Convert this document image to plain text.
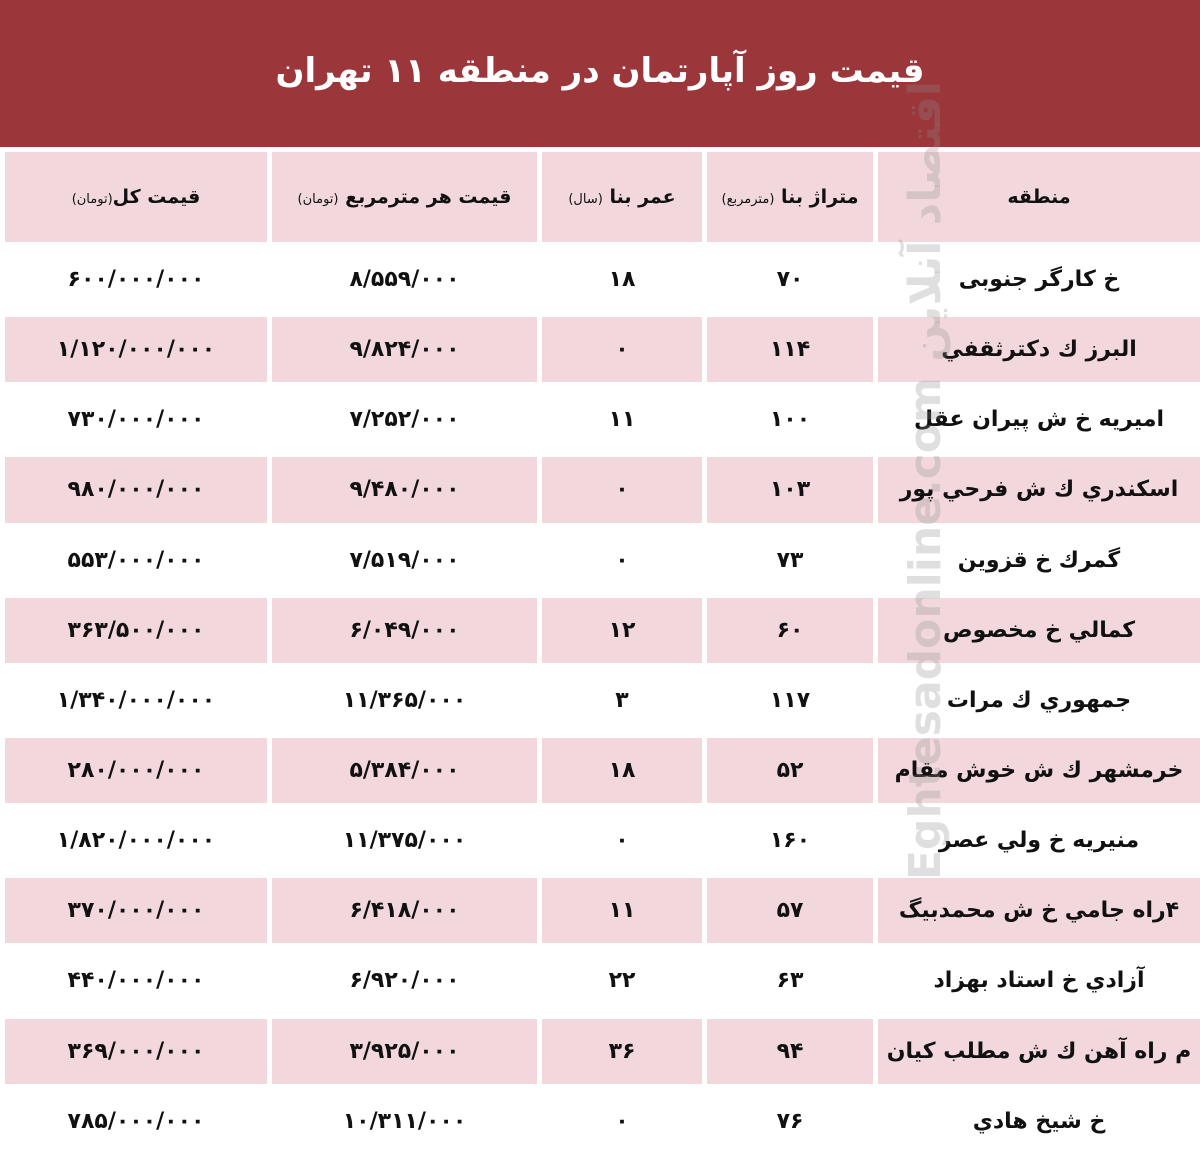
قیمت روز آپارتمان در منطقه ۱۱ تهران
منطقه	متراژ بنا (مترمربع)	عمر بنا (سال)	قیمت هر مترمربع (تومان)	قیمت کل(تومان)
خ کارگر جنوبی	۷۰	۱۸	۸/۵۵۹/۰۰۰	۶۰۰/۰۰۰/۰۰۰
البرز ك دكترثقفي	۱۱۴	۰	۹/۸۲۴/۰۰۰	۱/۱۲۰/۰۰۰/۰۰۰
اميريه خ ش پيران عقل	۱۰۰	۱۱	۷/۲۵۲/۰۰۰	۷۳۰/۰۰۰/۰۰۰
اسكندري ك ش فرحي پور	۱۰۳	۰	۹/۴۸۰/۰۰۰	۹۸۰/۰۰۰/۰۰۰
گمرك خ قزوين	۷۳	۰	۷/۵۱۹/۰۰۰	۵۵۳/۰۰۰/۰۰۰
كمالي خ مخصوص	۶۰	۱۲	۶/۰۴۹/۰۰۰	۳۶۳/۵۰۰/۰۰۰
جمهوري ك مرات	۱۱۷	۳	۱۱/۳۶۵/۰۰۰	۱/۳۴۰/۰۰۰/۰۰۰
خرمشهر ك ش خوش مقام	۵۲	۱۸	۵/۳۸۴/۰۰۰	۲۸۰/۰۰۰/۰۰۰
منيريه خ ولي عصر	۱۶۰	۰	۱۱/۳۷۵/۰۰۰	۱/۸۲۰/۰۰۰/۰۰۰
۴راه جامي خ ش محمدبيگ	۵۷	۱۱	۶/۴۱۸/۰۰۰	۳۷۰/۰۰۰/۰۰۰
آزادي خ استاد بهزاد	۶۳	۲۲	۶/۹۲۰/۰۰۰	۴۴۰/۰۰۰/۰۰۰
م راه آهن ك ش مطلب كيان	۹۴	۳۶	۳/۹۲۵/۰۰۰	۳۶۹/۰۰۰/۰۰۰
خ شيخ هادي	۷۶	۰	۱۰/۳۱۱/۰۰۰	۷۸۵/۰۰۰/۰۰۰
Eghtesadonline.com اقتصاد آنلاین
